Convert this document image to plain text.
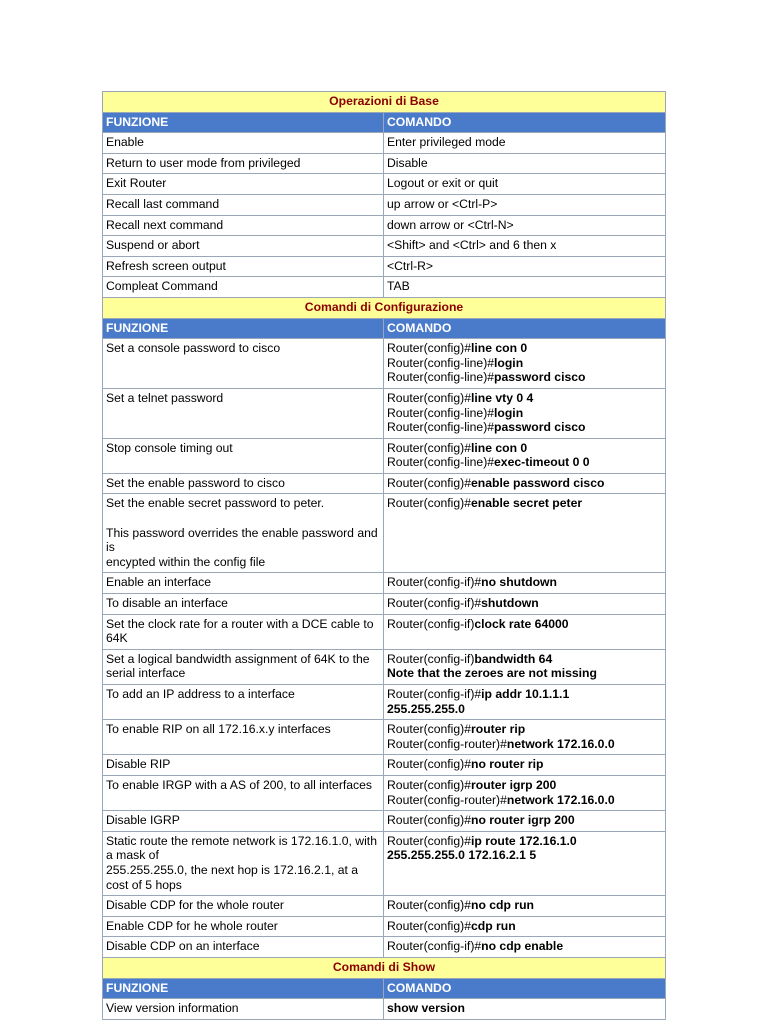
Operazioni di Base	
FUNZIONE	COMANDO

Enable	Enter privileged mode

Return to user mode from privileged	Disable

Exit Router	Logout or exit or quit

Recall last command	up arrow or <Ctrl-P>

Recall next command	down arrow or <Ctrl-N>

Suspend or abort	<Shift> and <Ctrl> and 6 then x

Refresh screen output	<Ctrl-R>

Compleat Command	TAB

Comandi di Configurazione	
FUNZIONE	COMANDO

Set a console password to cisco	Router(config)#line con 0
Router(config-line)#login
Router(config-line)#password cisco

Set a telnet password	Router(config)#line vty 0 4
Router(config-line)#login
Router(config-line)#password cisco

Stop console timing out	Router(config)#line con 0
Router(config-line)#exec-timeout 0 0

Set the enable password to cisco	Router(config)#enable password cisco

Set the enable secret password to peter.
This password overrides the enable password and is
encypted within the config file	Router(config)#enable secret peter

Enable an interface	Router(config-if)#no shutdown

To disable an interface	Router(config-if)#shutdown

Set the clock rate for a router with a DCE cable to 64K	Router(config-if)clock rate 64000

Set a logical bandwidth assignment of 64K to the serial interface	Router(config-if)bandwidth 64
Note that the zeroes are not missing

To add an IP address to a interface	Router(config-if)#ip addr 10.1.1.1
255.255.255.0

To enable RIP on all 172.16.x.y interfaces	Router(config)#router rip
Router(config-router)#network 172.16.0.0

Disable RIP	Router(config)#no router rip

To enable IRGP with a AS of 200, to all interfaces	Router(config)#router igrp 200
Router(config-router)#network 172.16.0.0

Disable IGRP	Router(config)#no router igrp 200

Static route the remote network is 172.16.1.0, with a mask of
255.255.255.0, the next hop is 172.16.2.1, at a cost of 5 hops	Router(config)#ip route 172.16.1.0
255.255.255.0 172.16.2.1 5

Disable CDP for the whole router	Router(config)#no cdp run

Enable CDP for he whole router	Router(config)#cdp run

Disable CDP on an interface	Router(config-if)#no cdp enable

Comandi di Show	
FUNZIONE	COMANDO

View version information	show version
